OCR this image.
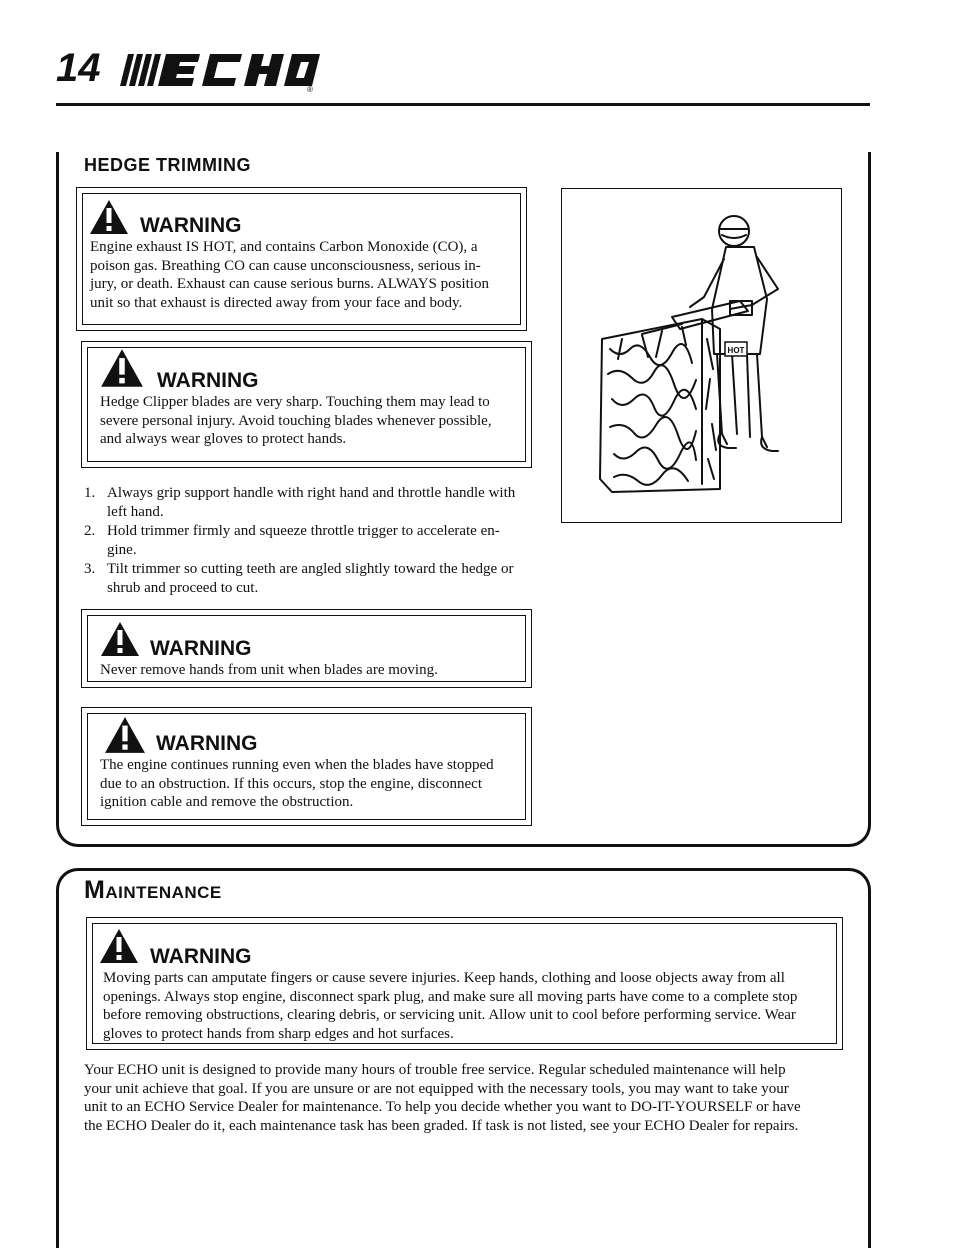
14	®
HEDGE TRIMMING
WARNING
Engine exhaust IS HOT, and contains Carbon Monoxide (CO), a
poison gas. Breathing CO can cause unconsciousness, serious in-
jury, or death. Exhaust can cause serious burns. ALWAYS position
unit so that exhaust is directed away from your face and body.
WARNING
Hedge Clipper blades are very sharp. Touching them may lead to
severe personal injury. Avoid touching blades whenever possible,
and always wear gloves to protect hands.
1. Always grip support handle with right hand and throttle handle with
left hand.
2. Hold trimmer firmly and squeeze throttle trigger to accelerate en-
gine.
3. Tilt trimmer so cutting teeth are angled slightly toward the hedge or
shrub and proceed to cut.
WARNING
Never remove hands from unit when blades are moving.
WARNING
The engine continues running even when the blades have stopped
due to an obstruction. If this occurs, stop the engine, disconnect
ignition cable and remove the obstruction.
HOT
MAINTENANCE
WARNING
Moving parts can amputate fingers or cause severe injuries. Keep hands, clothing and loose objects away from all
openings. Always stop engine, disconnect spark plug, and make sure all moving parts have come to a complete stop
before removing obstructions, clearing debris, or servicing unit. Allow unit to cool before performing service. Wear
gloves to protect hands from sharp edges and hot surfaces.
Your ECHO unit is designed to provide many hours of trouble free service. Regular scheduled maintenance will help
your unit achieve that goal. If you are unsure or are not equipped with the necessary tools, you may want to take your
unit to an ECHO Service Dealer for maintenance. To help you decide whether you want to DO-IT-YOURSELF or have
the ECHO Dealer do it, each maintenance task has been graded. If task is not listed, see your ECHO Dealer for repairs.
